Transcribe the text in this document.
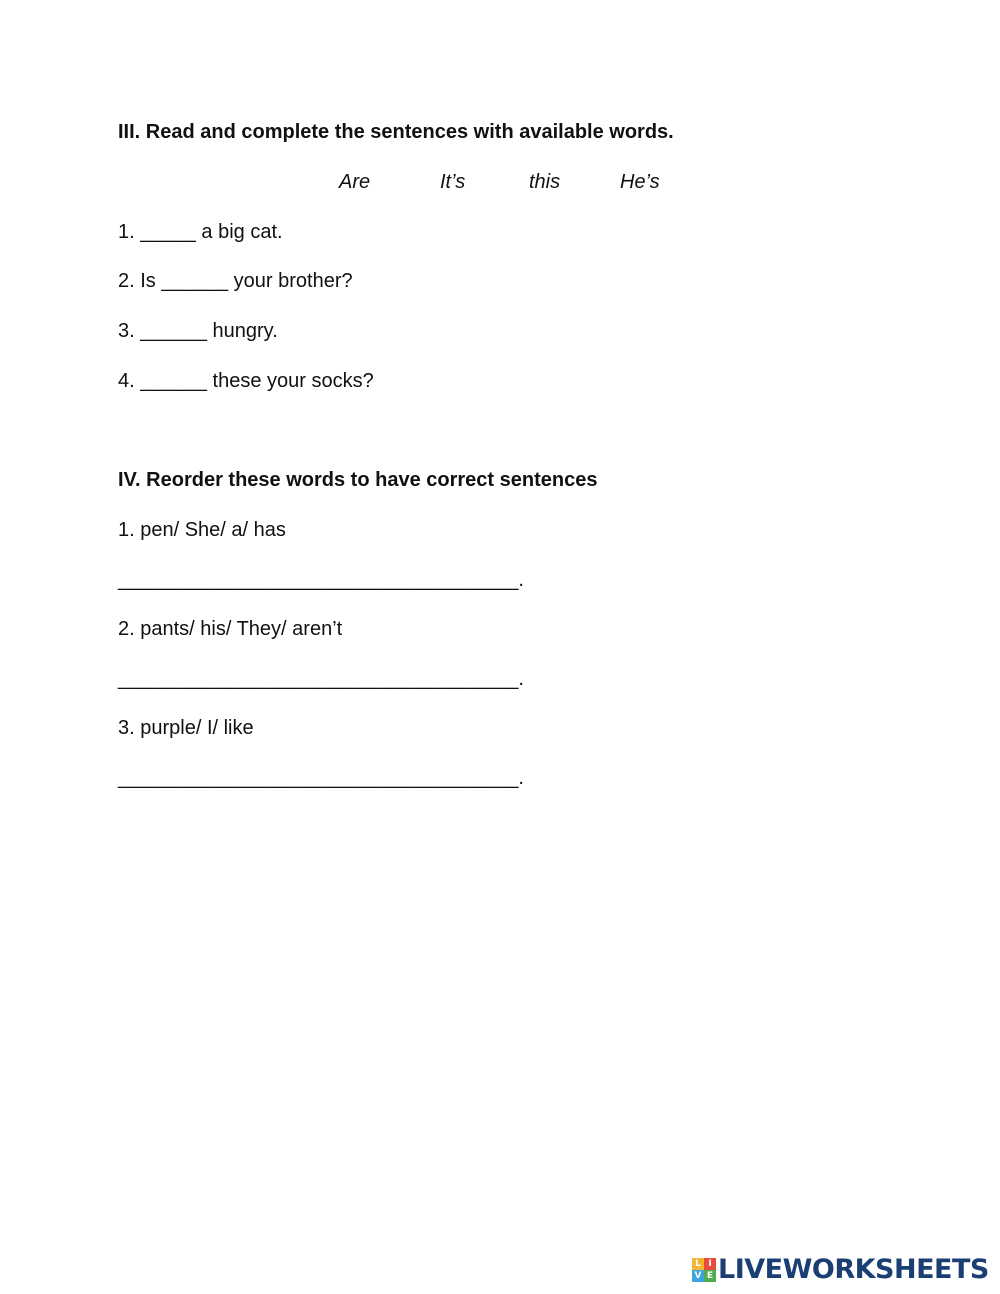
III. Read and complete the sentences with available words.
Are	It’s	this	He’s
1. _____ a big cat.
2. Is ______ your brother?
3. ______ hungry.
4. ______ these your socks?
IV. Reorder these words to have correct sentences
1. pen/ She/ a/ has
____________________________________.
2. pants/ his/ They/ aren’t
____________________________________.
3. purple/ I/ like
____________________________________.
L I
V E LIVEWORKSHEETS
